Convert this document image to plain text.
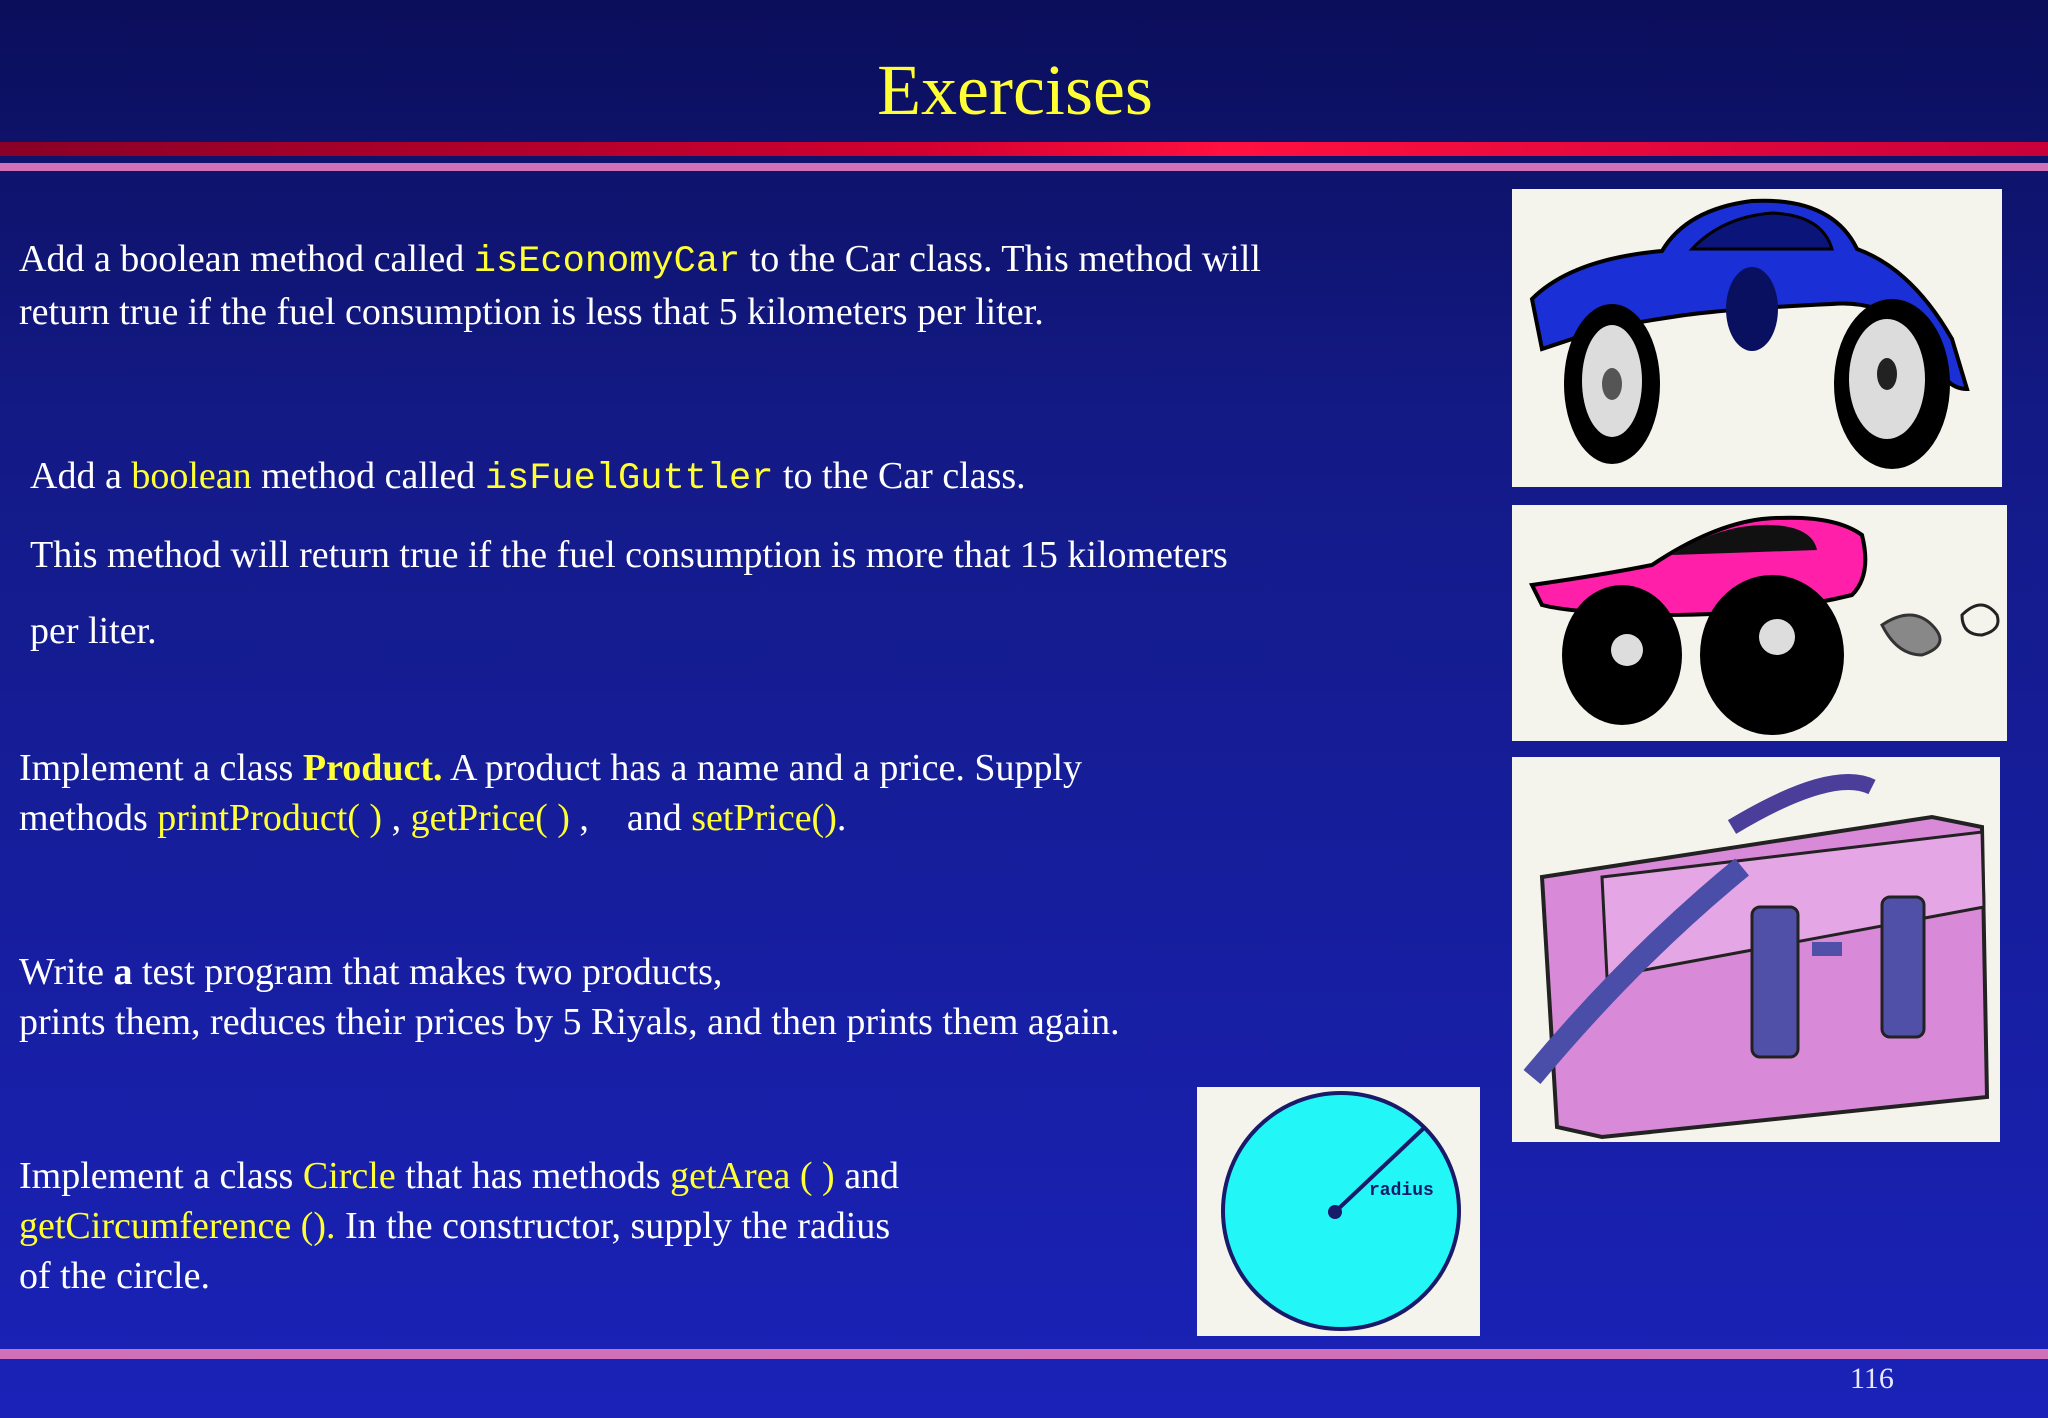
Exercises
Add a boolean method called isEconomyCar to the Car class. This method will
return true if the fuel consumption is less that 5 kilometers per liter.
Add a boolean method called isFuelGuttler to the Car class.
This method will return true if the fuel consumption is more that 15 kilometers
per liter.
Implement a class Product. A product has a name and a price. Supply
methods printProduct( ) , getPrice( ) ,    and setPrice().
Write a test program that makes two products,
prints them, reduces their prices by 5 Riyals, and then prints them again.
Implement a class Circle that has methods getArea ( ) and
getCircumference (). In the constructor, supply the radius
of the circle.
radius
116
